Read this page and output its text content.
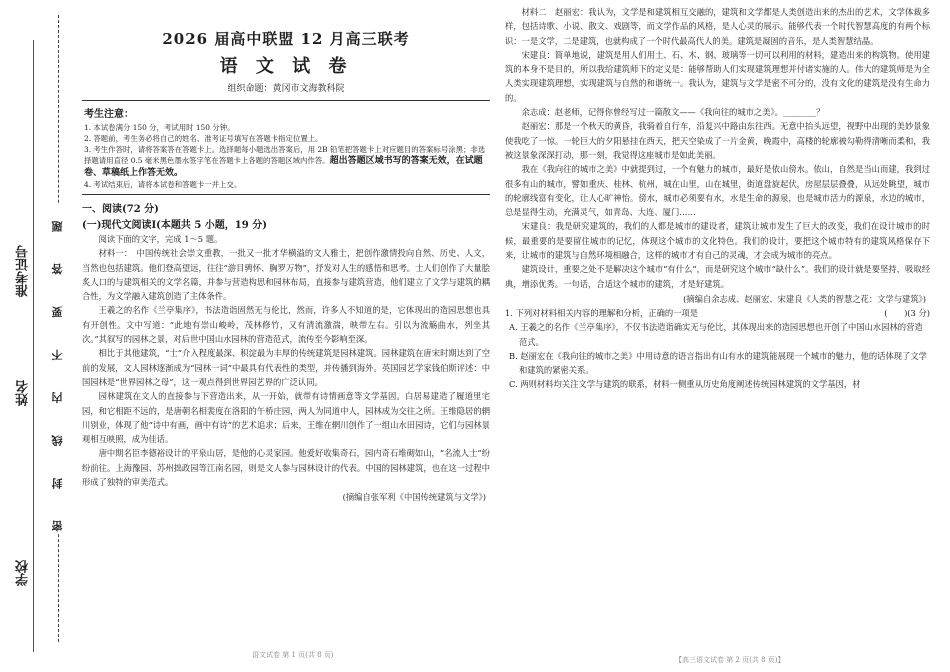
准考证号
姓名
学校
密 封 线 内 不 要 答 题
2026 届高中联盟 12 月高三联考
语 文 试 卷
组织命题：黄冈市文海教科院
考生注意：

1. 本试卷满分 150 分，考试用时 150 分钟。

2. 答题前，考生务必将自己的姓名、准考证号填写在答题卡指定位置上。

3. 考生作答时，请将答案答在答题卡上。选择题每小题选出答案后，用 2B 铅笔把答题卡上对应题目的答案标号涂黑；非选择题请用直径 0.5 毫米黑色墨水签字笔在答题卡上各题的答题区域内作答。超出答题区域书写的答案无效，在试题卷、草稿纸上作答无效。

4. 考试结束后，请将本试卷和答题卡一并上交。

一、阅读(72 分)
(一)现代文阅读Ⅰ(本题共 5 小题，19 分)

阅读下面的文字，完成 1～5 题。

材料一：　中国传统社会崇文重教，一批又一批才华横溢的文人雅士，把创作激情投向自然、历史、人文，当然也包括建筑。他们登高望远，往往“游目骋怀、胸罗万物”，抒发对人生的感悟和思考。士人们创作了大量脍炙人口的与建筑相关的文学名篇，并参与营造构思和园林布局，直接参与建筑营造，他们建立了文学与建筑的耦合性，为文学融入建筑创造了主体条件。

王羲之的名作《兰亭集序》，书法造诣固然无与伦比，然而，许多人不知道的是，它体现出的造园思想也具有开创性。文中写道：“此地有崇山峻岭，茂林修竹，又有清流激湍，映带左右。引以为流觞曲水，列坐其次。”其叙写的园林之景，对后世中国山水园林的营造范式，流传至今影响至深。

相比于其他建筑，“士”介入程度最深、积淀最为丰厚的传统建筑是园林建筑。园林建筑在唐宋时期达到了空前的发展，文人园林逐渐成为“园林一词”中最具有代表性的类型，并传播到海外。英国园艺学家钱伯斯评述：中国园林是“世界园林之母”，这一观点得到世界园艺界的广泛认同。

园林建筑在文人的直接参与下营造出来，从一开始，就带有诗情画意等文学基因。白居易建造了履道里宅园，和它相距不远的，是唐朝名相裴度在洛阳的午桥庄园，两人为同道中人，园林成为交往之所。王维隐居的辋川别业，体现了他“诗中有画，画中有诗”的艺术追求；后来，王维在辋川创作了一组山水田园诗，它们与园林景观相互映照，成为佳话。

唐中期名臣李德裕设计的平泉山居，是他的心灵家园。他爱好收集奇石，园内奇石堆砌如山，“名流人士”纷纷前往。上海豫园、苏州拙政园等江南名园，则是文人参与园林设计的代表。中国的园林建筑，也在这一过程中形成了独特的审美范式。

(摘编自张军利《中国传统建筑与文学》)
语文试卷 第 1 页(共 8 页)

材料二　赵丽宏：我认为，文学是和建筑相互交融的，建筑和文学都是人类创造出来的杰出的艺术，文学体裁多样，包括诗歌、小说、散文、戏剧等，而文学作品的风格，是人心灵的展示。能够代表一个时代智慧高度的有两个标识：一是文学，二是建筑，也就构成了一个时代最高代人的美。建筑是凝固的音乐，是人类智慧结晶。

宋建良：简单地说，建筑是用人们用土、石、木、钢、玻璃等一切可以利用的材料，建造出来的构筑物。使用建筑的本身不是目的，所以我给建筑师下的定义是：能够帮助人们实现建筑理想并付诸实施的人。伟大的建筑师是为全人类实现建筑理想，实现建筑与自然的和谐统一。我认为，建筑与文学是密不可分的，没有文化的建筑是没有生命力的。

余志成：赵老师，记得你曾经写过一篇散文——《我向往的城市之美》。________？

赵丽宏：那是一个秋天的黄昏，我骑着自行车，沿复兴中路由东往西。无意中抬头远望，视野中出现的美妙景象使我吃了一惊。一轮巨大的夕阳悬挂在西天，把天空染成了一片金黄，晚霞中，高楼的轮廓被勾勒得清晰而柔和，我被这景象深深打动，那一刻，我觉得这座城市是如此美丽。

我在《我向往的城市之美》中就提到过，一个有魅力的城市，最好是依山傍水。依山，自然是当山而建，我到过很多有山的城市，譬如重庆、桂林、杭州，城在山里，山在城里，街道盘旋起伏，房屋层层叠叠，从远处眺望，城市的轮廓线富有变化，让人心旷神怡。傍水，城市必须要有水，水是生命的源泉，也是城市活力的源泉，水边的城市，总是显得生动，充满灵气，如青岛、大连、厦门……

宋建良：我是研究建筑的，我们的人都是城市的建设者，建筑让城市发生了巨大的改变，我们在设计城市的时候，最重要的是要留住城市的记忆，体现这个城市的文化特色。我们的设计，要把这个城市特有的建筑风格保存下来，让城市的建筑与自然环境相融合，这样的城市才有自己的灵魂，才会成为城市的亮点。

建筑设计，重要之处不是解决这个城市“有什么”，而是研究这个城市“缺什么”。我们的设计就是要坚持，吸取经典，增添优秀。一句话，合适这个城市的建筑，才是好建筑。

(摘编自余志成、赵丽宏、宋建良《人类的智慧之花：文学与建筑》)

1. 下列对材料相关内容的理解和分析，正确的一项是	(　　)(3 分)

A. 王羲之的名作《兰亭集序》，不仅书法造诣确实无与伦比，其体现出来的造园思想也开创了中国山水园林的营造范式。

B. 赵丽宏在《我向往的城市之美》中用诗意的语言指出有山有水的建筑能展现一个城市的魅力，他的话体现了文学和建筑的紧密关系。

C. 两则材料均关注文学与建筑的联系，材料一侧重从历史角度阐述传统园林建筑的文学基因，材

【高三语文试卷 第 2 页(共 8 页)】
